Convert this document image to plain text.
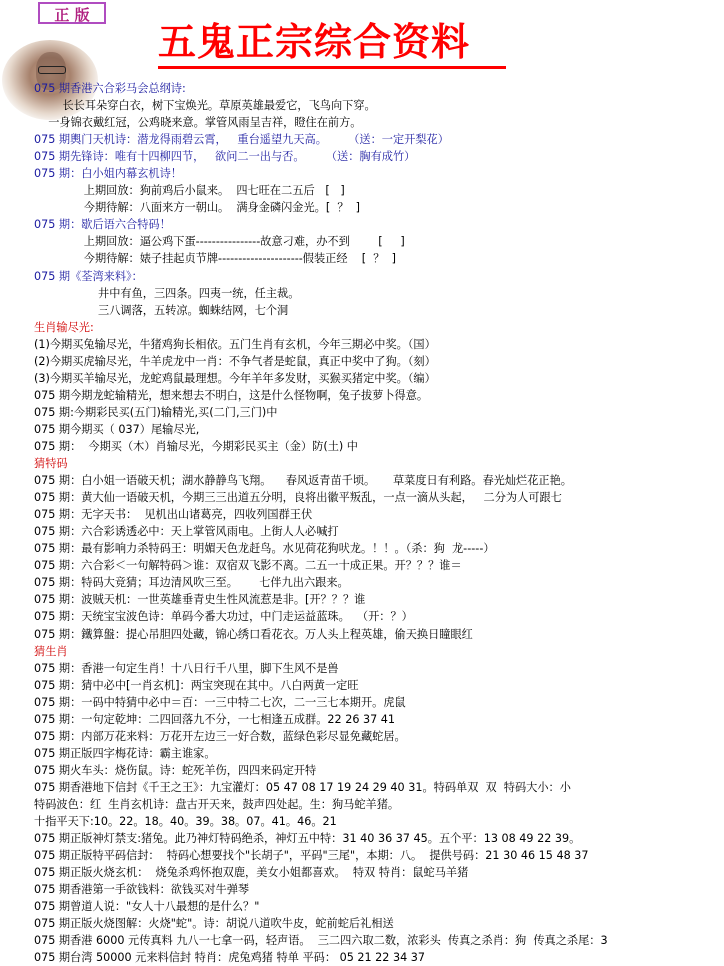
正 版
五鬼正宗综合资料
075 期香港六合彩马会总纲诗:
长长耳朵穿白衣，树下宝焕光。草原英雄最爱它，飞鸟向下穿。
一身锦衣戴红冠，公鸡晓来意。掌管风雨呈吉祥，瞪住在前方。
075 期輿门天机诗：潜龙得雨碧云霄，   重台遥望九天高。      （送：一定开梨花）
075 期先锋诗：唯有十四柳四节，   欲问二一出与否。      （送：胸有成竹）
075 期：白小姐内幕玄机诗！
上期回放：狗前鸡后小鼠来。  四七旺在二五后   [   ]
今期待解：八面来方一朝山。  满身金磷闪金光。[  ？  ]
075 期：歇后语六合特码！
上期回放：逼公鸡下蛋----------------故意刁难，办不到        [     ]
今期待解：婊子挂起贞节牌---------------------假装正经    [  ？  ]
075 期《荃湾来料》：
井中有鱼，三四条。四夷一统，任主裁。
三八调落，五转凉。蜘蛛结网，七个洞
生肖输尽光:
(1)今期买兔输尽光，牛猪鸡狗长相依。五门生肖有玄机，今年三期必中奖。（国）
(2)今期买虎输尽光，牛羊虎龙中一肖：不争气者是蛇鼠，真正中奖中了狗。（刻）
(3)今期买羊输尽光，龙蛇鸡鼠最理想。今年羊年多发财，买猴买猪定中奖。（编）
075 期今期龙蛇输精光，想来想去不明白，这是什么怪物啊，兔子拔萝卜得意。
075 期:今期彩民买(五门)输精光,买(二门,三门)中
075 期今期买（ 037）尾输尽光,
075 期：  今期买（木）肖输尽光，今期彩民买主（金）防(土) 中
猜特码
075 期：白小姐一语破天机；湖水静静鸟飞翔。    春风返青苗千顷。     草菜度日有利路。春光灿烂花正艳。
075 期：黄大仙一语破天机，今期三三出道五分明，良将出徽平叛乱，一点一滴从头起，   二分为人可跟七
075 期：无字天书：  见机出山诸葛亮，四收列国群王伏
075 期：六合彩诱透必中：天上掌管风雨电。上街人人必喊打
075 期：最有影响力杀特码王：明媚天色龙赶鸟。水见荷花狗吠龙。！！。（杀：狗  龙-----）
075 期：六合彩＜一句解特码＞谁：双宿双飞影不离。二五一十成正果。开？？？谁＝
075 期：特码大竞猜；耳边清风吹三至。      七伴九出六跟来。
075 期：波贼天机：一世英雄垂青史生性风流惹是非。[开？？？谁
075 期：天统宝宝波色诗：单码今番大功过，中门走运益蓝珠。  （开：？）
075 期：鐵算盤：提心吊胆四处藏，锦心绣口看花衣。万人头上程英雄，偷天换日瞳眼红
猜生肖
075 期：香港一句定生肖！十八日行千八里，脚下生风不是兽
075 期：猜中必中[一肖玄机]：两宝突现在其中。八白两黄一定旺
075 期：一码中特猜中必中＝百：一三中特二七次，二一三七本期开。虎鼠
075 期：一句定乾坤：二四回落九不分，一七相逢五成群。22 26 37 41
075 期：内部万花来料：万花开左边三一好合数，蓝绿色彩尽显免藏蛇居。
075 期正版四字梅花诗：霸主谁家。
075 期火车头：烧伤鼠。诗：蛇死羊伤，四四来码定开特
075 期香港地下信封《千王之王》：九宝灌灯：05 47 08 17 19 24 29 40 31。特码单双  双  特码大小：小
特码波色：红  生肖玄机诗：盘古开天来，鼓声四处起。生：狗马蛇羊猪。
十指平天下:10。22。18。40。39。38。07。41。46。21
075 期正版神灯禁支:猪兔。此乃神灯特码绝杀，神灯五中特：31 40 36 37 45。五个平：13 08 49 22 39。
075 期正版特平码信封：  特码心想要找个"长胡子"，平码"三尾"，本期：八。  提供号码：21 30 46 15 48 37
075 期正版火烧玄机：  烧兔杀鸡怀抱双鹿，美女小姐都喜欢。  特双 特肖：鼠蛇马羊猪
075 期香港第一手欲钱料：欲钱买对牛弹琴
075 期曾道人说："女人十八最想的是什么？"
075 期正版火烧图解：火烧"蛇"。诗：胡说八道吹牛皮，蛇前蛇后礼相送
075 期香港 6000 元传真料 九八一七拿一码，轻声语。  三二四六取二数，浓彩头  传真之杀肖：狗  传真之杀尾：3
075 期台湾 50000 元来料信封 特肖：虎兔鸡猪 特单 平码： 05 21 22 34 37
